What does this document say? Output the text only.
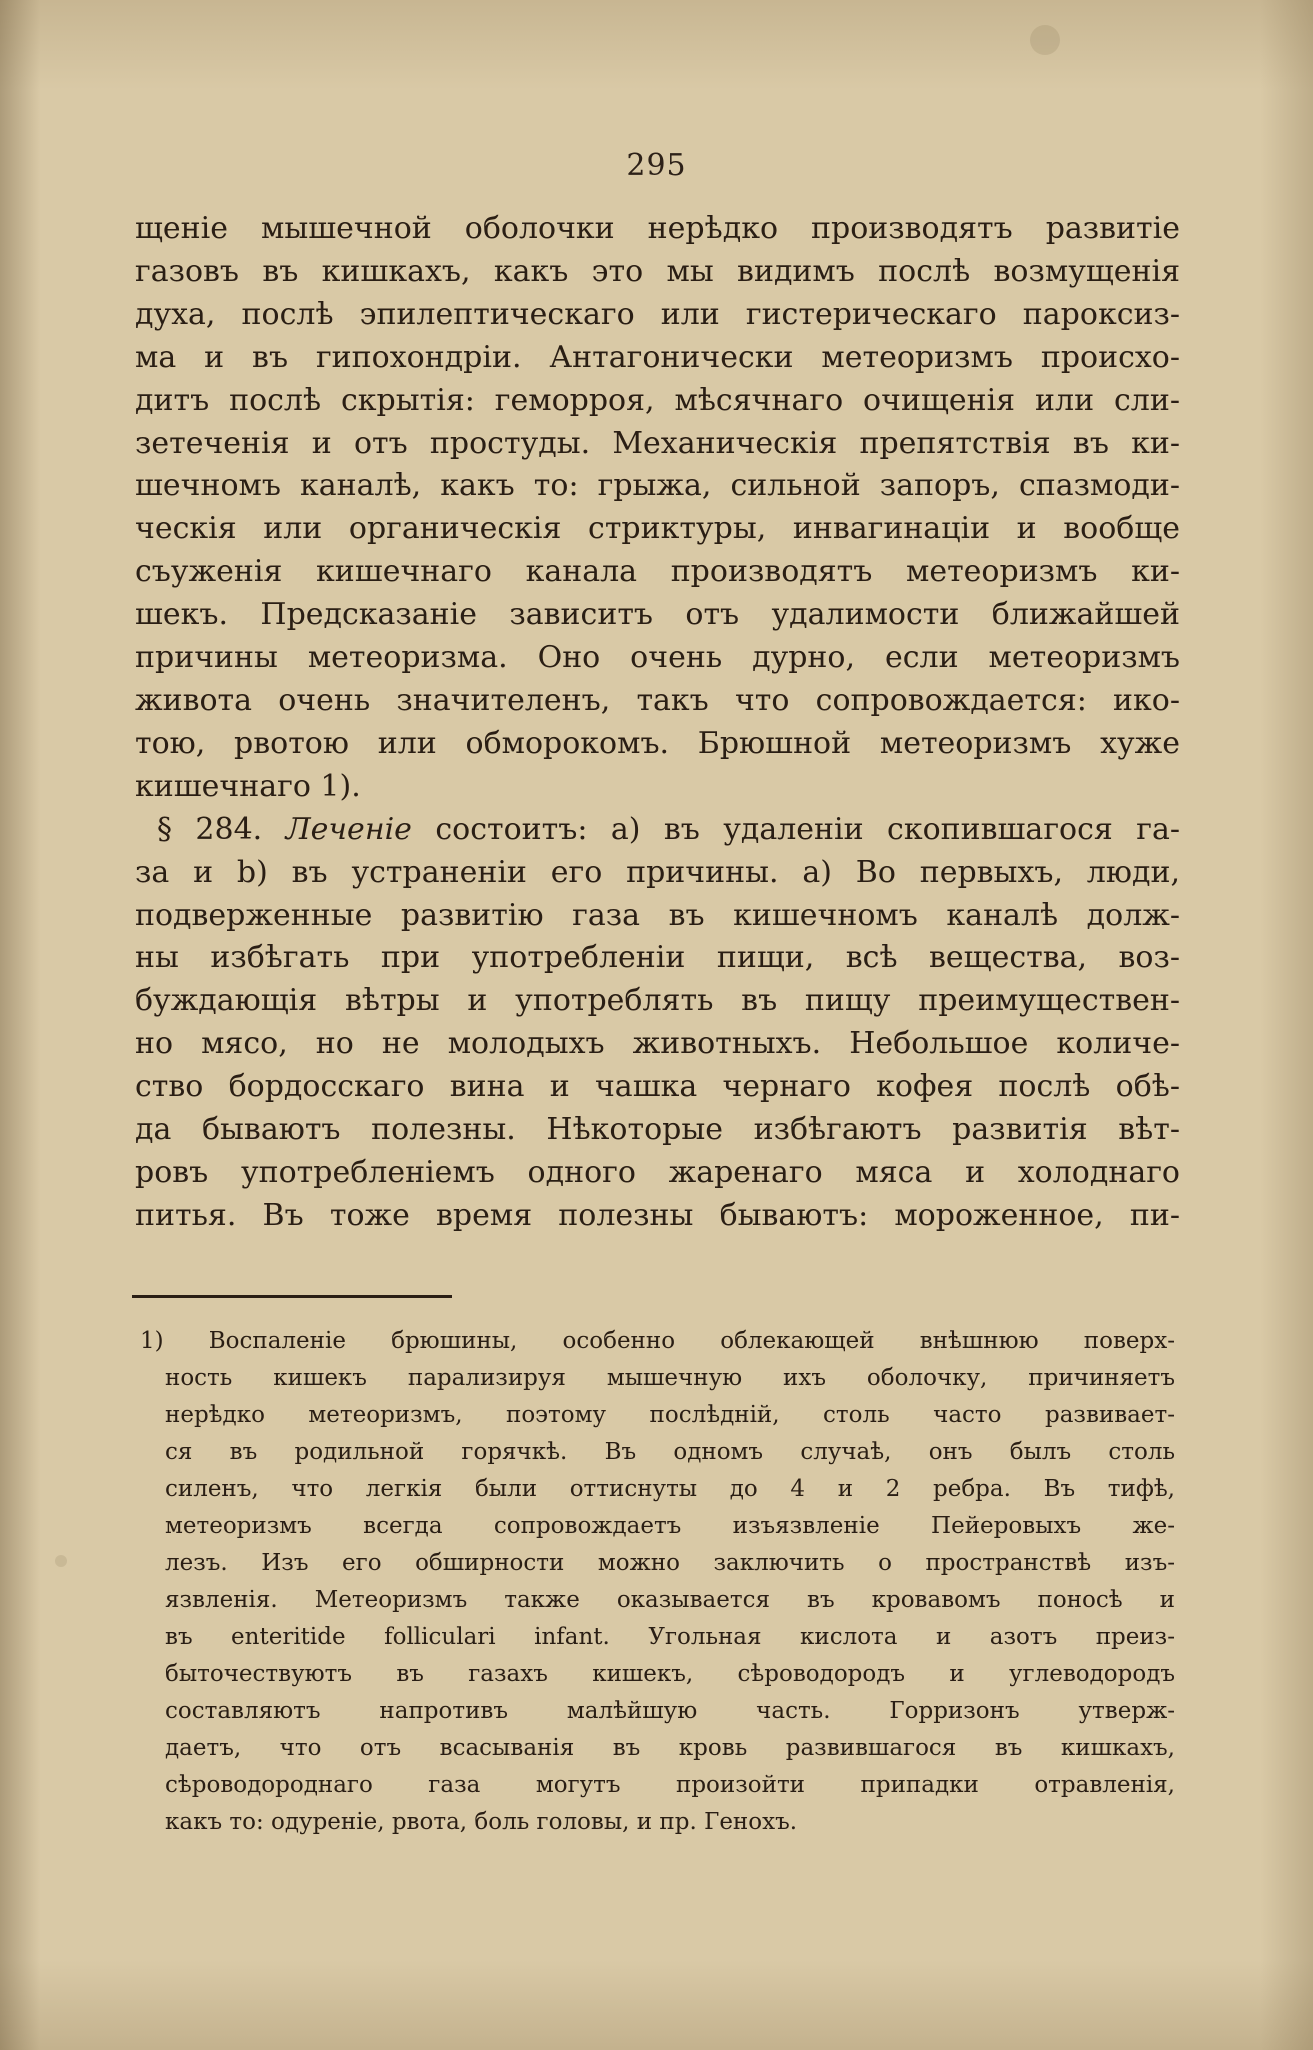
295
щеніе мышечной оболочки нерѣдко производятъ развитіе
газовъ въ кишкахъ, какъ это мы видимъ послѣ возмущенія
духа, послѣ эпилептическаго или гистерическаго пароксиз-
ма и въ гипохондріи. Антагонически метеоризмъ происхо-
дитъ послѣ скрытія: геморроя, мѣсячнаго очищенія или сли-
зетеченія и отъ простуды. Механическія препятствія въ ки-
шечномъ каналѣ, какъ то: грыжа, сильной запоръ, спазмоди-
ческія или органическія стриктуры, инвагинаціи и вообще
съуженія кишечнаго канала производятъ метеоризмъ ки-
шекъ. Предсказаніе зависитъ отъ удалимости ближайшей
причины метеоризма. Оно очень дурно, если метеоризмъ
живота очень значителенъ, такъ что сопровождается: ико-
тою, рвотою или обморокомъ. Брюшной метеоризмъ хуже
кишечнаго 1).
§ 284. Леченіе состоитъ: а) въ удаленіи скопившагося га-
за и b) въ устраненіи его причины. а) Во первыхъ, люди,
подверженные развитію газа въ кишечномъ каналѣ долж-
ны избѣгать при употребленіи пищи, всѣ вещества, воз-
буждающія вѣтры и употреблять въ пищу преимуществен-
но мясо, но не молодыхъ животныхъ. Небольшое количе-
ство бордосскаго вина и чашка чернаго кофея послѣ обѣ-
да бываютъ полезны. Нѣкоторые избѣгаютъ развитія вѣт-
ровъ употребленіемъ одного жаренаго мяса и холоднаго
питья. Въ тоже время полезны бываютъ: мороженное, пи-
1) Воспаленіе брюшины, особенно облекающей внѣшнюю поверх-
ность кишекъ парализируя мышечную ихъ оболочку, причиняетъ
нерѣдко метеоризмъ, поэтому послѣдній, столь часто развивает-
ся въ родильной горячкѣ. Въ одномъ случаѣ, онъ былъ столь
силенъ, что легкія были оттиснуты до 4 и 2 ребра. Въ тифѣ,
метеоризмъ всегда сопровождаетъ изъязвленіе Пейеровыхъ же-
лезъ. Изъ его обширности можно заключить о пространствѣ изъ-
язвленія. Метеоризмъ также оказывается въ кровавомъ поносѣ и
въ enteritide folliculari infant. Угольная кислота и азотъ преиз-
быточествуютъ въ газахъ кишекъ, сѣроводородъ и углеводородъ
составляютъ напротивъ малѣйшую часть. Горризонъ утверж-
даетъ, что отъ всасыванія въ кровь развившагося въ кишкахъ,
сѣроводороднаго газа могутъ произойти припадки отравленія,
какъ то: одуреніе, рвота, боль головы, и пр. Генохъ.
